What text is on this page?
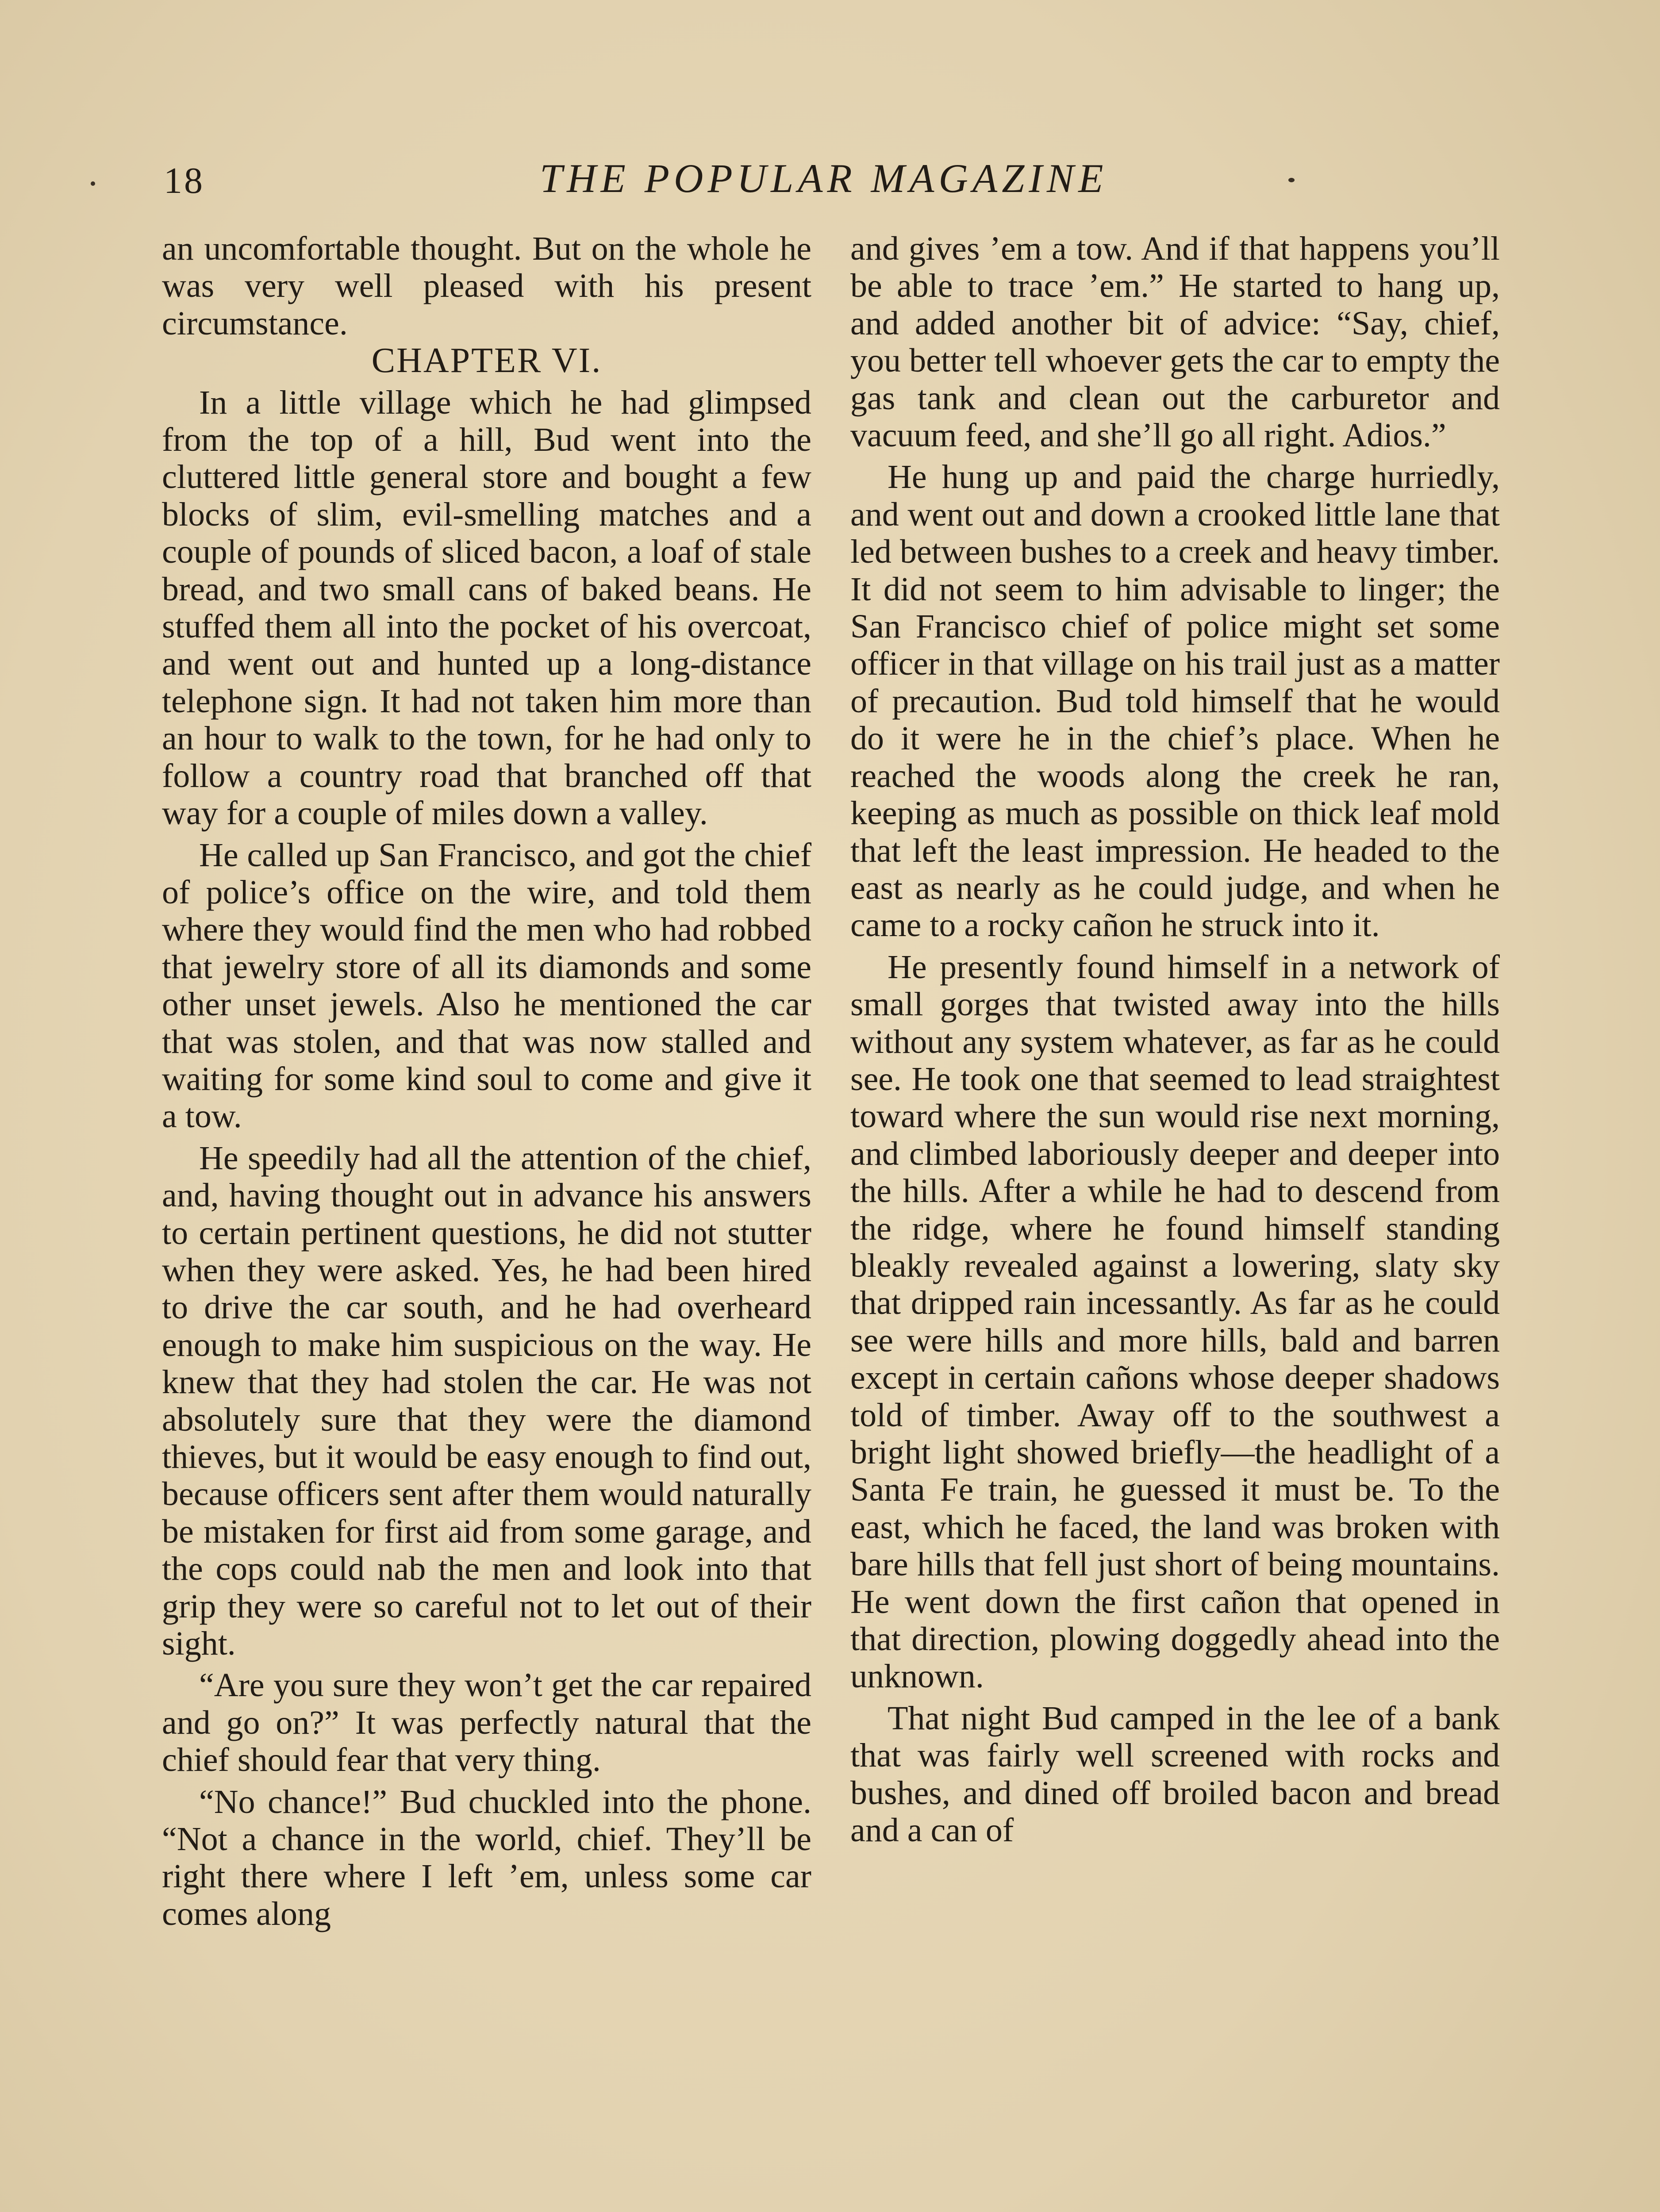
18	THE POPULAR MAGAZINE

an uncomfortable thought. But on the whole he was very well pleased with his present circumstance.

CHAPTER VI.

In a little village which he had glimpsed from the top of a hill, Bud went into the cluttered little general store and bought a few blocks of slim, evil-smelling matches and a couple of pounds of sliced bacon, a loaf of stale bread, and two small cans of baked beans. He stuffed them all into the pocket of his overcoat, and went out and hunted up a long-distance telephone sign. It had not taken him more than an hour to walk to the town, for he had only to follow a country road that branched off that way for a couple of miles down a valley.

He called up San Francisco, and got the chief of police’s office on the wire, and told them where they would find the men who had robbed that jewelry store of all its diamonds and some other unset jewels. Also he mentioned the car that was stolen, and that was now stalled and waiting for some kind soul to come and give it a tow.

He speedily had all the attention of the chief, and, having thought out in advance his answers to certain pertinent questions, he did not stutter when they were asked. Yes, he had been hired to drive the car south, and he had overheard enough to make him suspicious on the way. He knew that they had stolen the car. He was not absolutely sure that they were the diamond thieves, but it would be easy enough to find out, because officers sent after them would naturally be mistaken for first aid from some garage, and the cops could nab the men and look into that grip they were so careful not to let out of their sight.

“Are you sure they won’t get the car repaired and go on?” It was perfectly natural that the chief should fear that very thing.

“No chance!” Bud chuckled into the phone. “Not a chance in the world, chief. They’ll be right there where I left ’em, unless some car comes along

and gives ’em a tow. And if that happens you’ll be able to trace ’em.” He started to hang up, and added another bit of advice: “Say, chief, you better tell whoever gets the car to empty the gas tank and clean out the carburetor and vacuum feed, and she’ll go all right. Adios.”

He hung up and paid the charge hurriedly, and went out and down a crooked little lane that led between bushes to a creek and heavy timber. It did not seem to him advisable to linger; the San Francisco chief of police might set some officer in that village on his trail just as a matter of precaution. Bud told himself that he would do it were he in the chief’s place. When he reached the woods along the creek he ran, keeping as much as possible on thick leaf mold that left the least impression. He headed to the east as nearly as he could judge, and when he came to a rocky cañon he struck into it.

He presently found himself in a network of small gorges that twisted away into the hills without any system whatever, as far as he could see. He took one that seemed to lead straightest toward where the sun would rise next morning, and climbed laboriously deeper and deeper into the hills. After a while he had to descend from the ridge, where he found himself standing bleakly revealed against a lowering, slaty sky that dripped rain incessantly. As far as he could see were hills and more hills, bald and barren except in certain cañons whose deeper shadows told of timber. Away off to the southwest a bright light showed briefly—the headlight of a Santa Fe train, he guessed it must be. To the east, which he faced, the land was broken with bare hills that fell just short of being mountains. He went down the first cañon that opened in that direction, plowing doggedly ahead into the unknown.

That night Bud camped in the lee of a bank that was fairly well screened with rocks and bushes, and dined off broiled bacon and bread and a can of
